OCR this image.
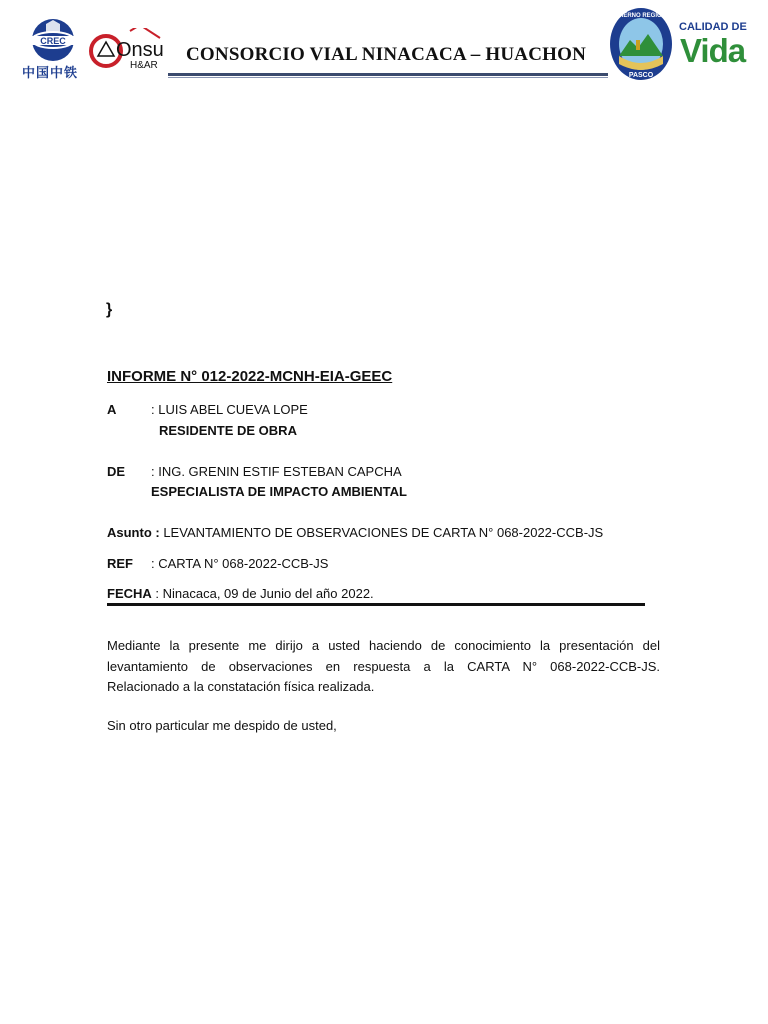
CREC
中国中铁
Onsu
H&AR
CONSORCIO VIAL NINACACA – HUACHON
GOBIERNO REGIONAL
PASCO
CALIDAD DE
Vida
}
INFORME N° 012-2022-MCNH-EIA-GEEC
A	: LUIS ABEL CUEVA LOPE
RESIDENTE DE OBRA
DE : ING. GRENIN ESTIF ESTEBAN CAPCHA
ESPECIALISTA DE IMPACTO AMBIENTAL
Asunto : LEVANTAMIENTO DE OBSERVACIONES DE CARTA N° 068-2022-CCB-JS
REF : CARTA N° 068-2022-CCB-JS
FECHA : Ninacaca, 09 de Junio del año 2022.
Mediante la presente me dirijo a usted haciendo de conocimiento la presentación del
levantamiento de observaciones en respuesta a la CARTA N° 068-2022-CCB-JS.
Relacionado a la constatación física realizada.
Sin otro particular me despido de usted,
